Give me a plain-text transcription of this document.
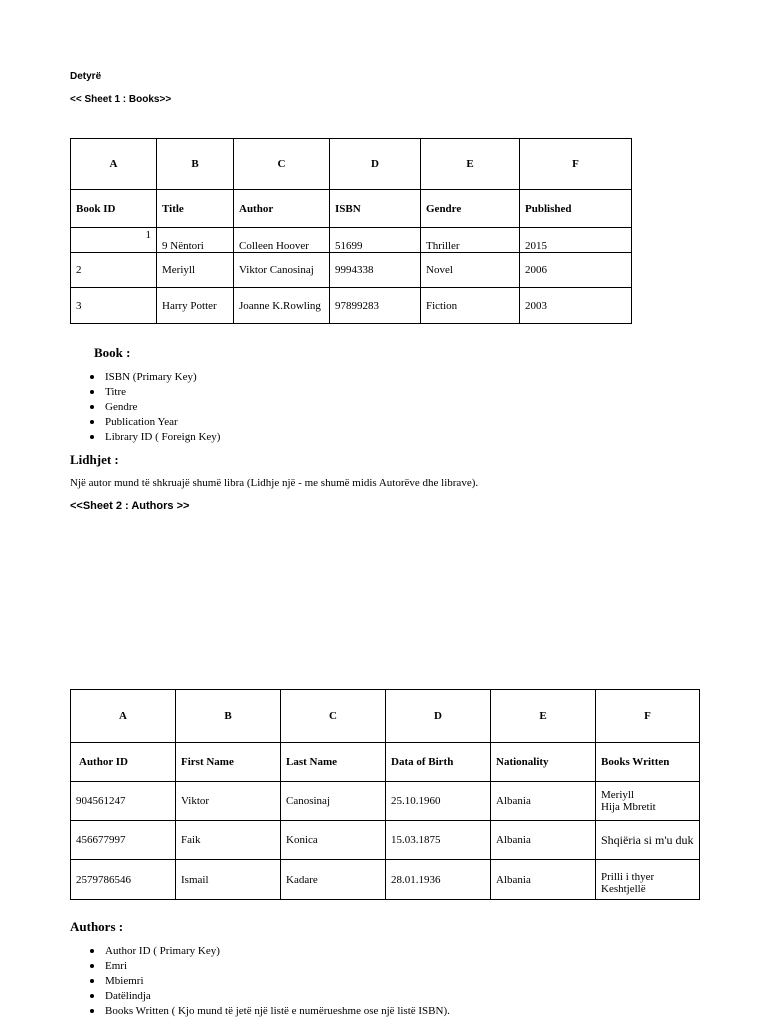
Detyrë
<< Sheet 1 : Books>>
A	B	C	D	E	F
Book ID	Title	Author	ISBN	Gendre	Published

1	9 Nëntori	Colleen Hoover	51699	Thriller	2015
2	Meriyll	Viktor Canosinaj	9994338	Novel	2006
3	Harry Potter	Joanne K.Rowling	97899283	Fiction	2003
Book :
ISBN (Primary Key)
Titre
Gendre
Publication Year
Library ID ( Foreign Key)
Lidhjet :
Një autor mund të shkruajë shumë libra (Lidhje një - me shumë midis Autorëve dhe librave).
<<Sheet 2 : Authors >>
A	B	C	D	E	F
Author ID	First Name	Last Name	Data of Birth	Nationality	Books Written
904561247	Viktor	Canosinaj	25.10.1960	Albania	Meriyll
Hija Mbretit

456677997	Faik	Konica	15.03.1875	Albania	Shqiëria si m'u duk
2579786546	Ismail	Kadare	28.01.1936	Albania	Prilli i thyer
Keshtjellë
Authors :
Author ID ( Primary Key)
Emri
Mbiemri
Datëlindja
Books Written ( Kjo mund të jetë një listë e numërueshme ose një listë ISBN).
